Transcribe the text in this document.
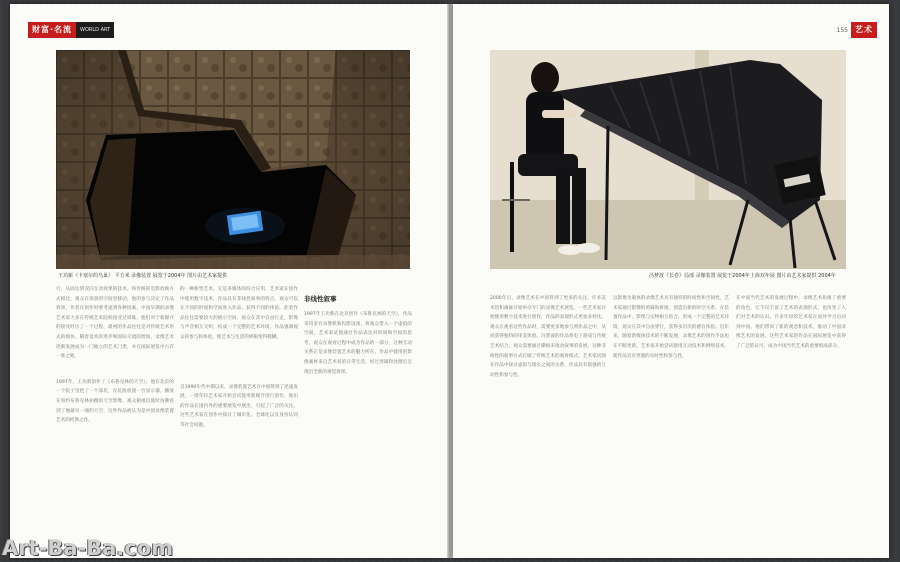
财富·名流	WORLD ART
王功新《卡塞尔的鸟巢》 平方米 录像装置 展览于2004年 图片由艺术家提供

行，从而达到双向互动效果的技术，和传统的电影放映方式相比，观众在场景的空间里移动，他的参与决定了作品效果，作者在创作时要考虑到各种因素。中国早期的录像艺术家大多在传统艺术院校接受过训练，他们对于新媒介的接受经历了一个过程，最初的作品往往是对传统艺术形式的模仿。随着技术的进步和国际交流的增加，录像艺术逐渐发展成为一门独立的艺术门类，并在国际展览中占有一席之地。

1997年，王功新创作了《布鲁克林的天空》，他在北京的一个院子里挖了一个深坑，在坑底放置一台显示器，播放在纽约布鲁克林拍摄的天空影像，观众俯视坑底时仿佛看到了地球另一端的天空，这件作品被认为是中国录像装置艺术的经典之作。

的一种新型艺术，它是多媒体的综合应用，艺术家在创作中使用数字技术，作品具有非线性叙事的特点，观众可以在不同的时间和空间进入作品，获得不同的体验。此类作品往往需要较大的展示空间，观众在其中自由行走，影像与声音相互交织，构成一个完整的艺术环境。作品强调观众的参与和体验，使艺术与生活的界限变得模糊。

自1990年代中期以来，录像装置艺术在中国得到了迅速发展，一批年轻艺术家开始尝试使用新媒介进行创作，他们的作品在国内外的重要展览中展出，引起了广泛的关注。这些艺术家在创作中探讨了城市化、全球化以及身份认同等社会问题。

非线性叙事

1997年王功新在北京创作《布鲁克林的天空》，作品采用多台录像机和投影设备，将观众带入一个虚拟的空间，艺术家试图通过作品表达对时间和空间的思考，观众在观看过程中成为作品的一部分，这种互动关系正是录像装置艺术的魅力所在。作品中使用的影像素材来自艺术家的日常生活，经过剪辑和处理后呈现出全新的视觉效果。

艺术
155
冯梦波《长卷》局部 录像装置 展览于2004年上海双年展 图片由艺术家提供 2004年

2000年后，录像艺术在中国得到了更多的关注，许多美术馆和画廊开始举办专门的录像艺术展览，一些艺术家开始使用数字技术进行创作，作品的表现形式更加多样化。观众在观看这些作品时，需要更多地参与到作品之中，从而获得独特的审美体验。冯梦波的作品将电子游戏与传统艺术结合，观众需要通过操纵来推动叙事的发展，这种非线性的叙事方式打破了传统艺术的观看模式。艺术家试图在作品中探讨虚拟与现实之间的关系，作品具有很强的互动性和参与性。

以影像为载体的录像艺术具有独特的时间性和空间性，艺术家通过影像的剪辑和拼接，创造出新的时空关系。在装置作品中，影像与实物相互结合，形成一个完整的艺术环境，观众在其中自由穿行，获得多层次的感官体验。近年来，随着新媒体技术的不断发展，录像艺术的创作手法也在不断更新，艺术家开始尝试使用互动技术和网络技术，使作品具有更强的实时性和参与性。

在中国当代艺术的发展过程中，录像艺术扮演了重要的角色，它不仅丰富了艺术的表现形式，也改变了人们对艺术的认识。许多年轻的艺术家在国外学习后回到中国，他们带回了新的观念和技术，推动了中国录像艺术的发展。这些艺术家的作品在国际展览中获得了广泛的认可，成为中国当代艺术的重要组成部分。

Art-Ba-Ba.com
